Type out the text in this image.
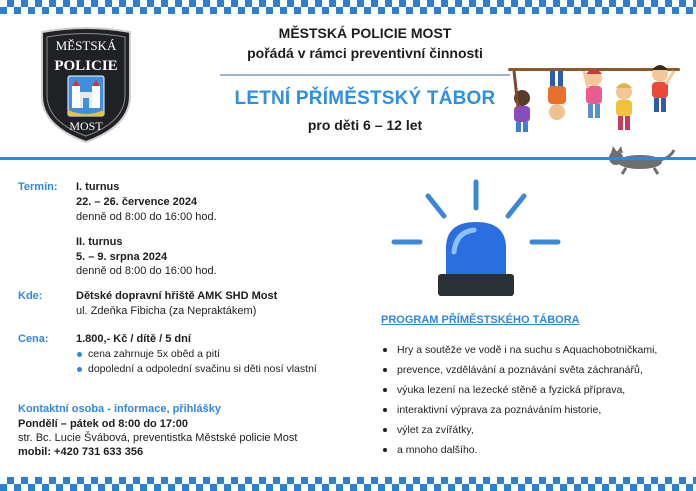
MĚSTSKÁ
POLICIE
MOST
MĚSTSKÁ POLICIE MOST
pořádá v rámci preventivní činnosti
LETNÍ PŘÍMĚSTSKÝ TÁBOR
pro děti 6 – 12 let
Termín: I. turnus
22. – 26. července 2024
denně od 8:00 do 16:00 hod.
II. turnus
5. – 9. srpna 2024
denně od 8:00 do 16:00 hod.
Kde:	Dětské dopravní hřiště AMK SHD Most
ul. Zdeňka Fibicha (za Nepraktákem)
Cena: 1.800,- Kč / dítě / 5 dní
cena zahrnuje 5x oběd a pití
dopolední a odpolední svačinu si děti nosí vlastní
Kontaktní osoba - informace, přihlášky
Pondělí – pátek od 8:00 do 17:00
str. Bc. Lucie Švábová, preventistka Městské policie Most
mobil: +420 731 633 356
PROGRAM PŘÍMĚSTSKÉHO TÁBORA
Hry a soutěže ve vodě i na suchu s Aquachobotničkami,
prevence, vzdělávání a poznávání světa záchranářů,
výuka lezení na lezecké stěně a fyzická příprava,
interaktivní výprava za poznáváním historie,
výlet za zvířátky,
a mnoho dalšího.
